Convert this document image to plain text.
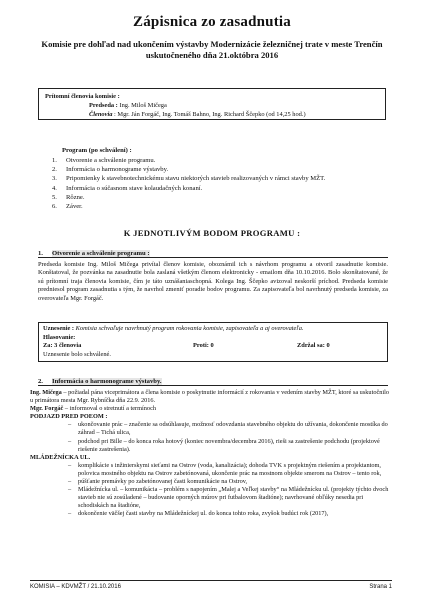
Zápisnica zo zasadnutia
Komisie pre dohľad nad ukončením výstavby Modernizácie železničnej trate v meste Trenčín uskutočneného dňa 21.októbra 2016
Prítomní členovia komisie :
Predseda : Ing. Miloš Mičega
Členovia : Mgr. Ján Forgáč, Ing. Tomáš Bahno, Ing. Richard Ščepko (od 14,25 hod.)
Program (po schválení) :
1. Otvorenie a schválenie programu.
2. Informácia o harmonograme výstavby.
3. Pripomienky k stavebnotechnickému stavu niektorých stavieb realizovaných v rámci stavby MŽT.
4. Informácia o súčasnom stave kolaudačných konaní.
5. Rôzne.
6. Záver.
K JEDNOTLIVÝM BODOM PROGRAMU :
1. Otvorenie a schválenie programu :
Predseda komisie Ing. Miloš Mičega privítal členov komisie, oboznámil ich s návrhom programu a otvoril zasadnutie komisie. Konštatoval, že pozvánka na zasadnutie bola zaslaná všetkým členom elektronicky - emailom dňa 10.10.2016. Bolo skonštatované, že sú prítomní traja členovia komisie, čím je táto uznášaniaschopná. Kolega Ing. Ščepko avizoval neskorší príchod. Predseda komisie predniesol program zasadnutia s tým, že navrhol zmeniť poradie bodov programu. Za zapisovateľa bol navrhnutý predseda komisie, za overovateľa Mgr. Forgáč.
Uznesenie : Komisia schvaľuje navrhnutý program rokovania komisie, zapisovateľa a aj overovateľa.
Hlasovanie:
Za: 3 členovia	Proti: 0	Zdržal sa: 0
Uznesenie bolo schválené.
2. Informácia o harmonograme výstavby.
Ing. Mičega – požiadal pána viceprimátora a člena komisie o poskytnutie informácií z rokovania v vedením stavby MŽT, ktoré sa uskutočnilo u primátora mesta Mgr. Rybníčka dňa 22.9. 2016.
Mgr. Forgáč – informoval o stretnutí a termínoch
PODJAZD PRED POEOM :
– ukončovanie prác – značenie sa odsúhlasuje, možnosť odovzdania stavebného objektu do užívania, dokončenie mostíka do záhrad – Tichá ulica,
– podchod pri Bille – do konca roka hotový (koniec novembra/decembra 2016), rieši sa zastrešenie podchodu (projektové riešenie zastrešenia).
MLÁDEŽNÍCKA UL.
– komplikácie s inžinierskymi sieťami na Ostrov (voda, kanalizácia); dohoda TVK s projektným riešením a projektantom,
polovica mostného objektu na Ostrov zabetónovaná, ukončenie prác na mostnom objekte smerom na Ostrov – tento rok,
– púšťanie premávky po zabetónovanej časti komunikácie na Ostrov,
– Mládežnícka ul. – komunikácia – problém s napojením „Malej a Veľkej stavby“ na Mládežnícku ul. (projekty týchto dvoch stavieb nie sú zosúladené – budovanie oporných múrov pri futbalovom štadióne); navrhované obľúky nesedia pri schodiskách na štadióne,
– dokončenie väčšej časti stavby na Mládežníckej ul. do konca tohto roka, zvyšok budúci rok (2017),
KOMISIA – KDVMŽT / 21.10.2016	Strana 1
